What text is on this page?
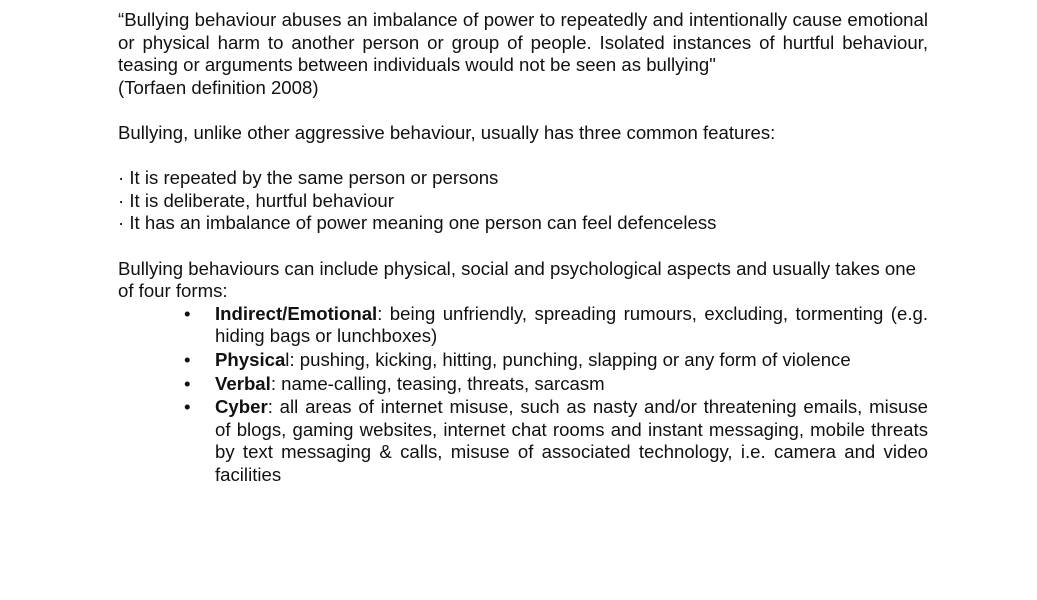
“Bullying behaviour abuses an imbalance of power to repeatedly and intentionally cause emotional or physical harm to another person or group of people. Isolated instances of hurtful behaviour, teasing or arguments between individuals would not be seen as bullying"

(Torfaen definition 2008)

Bullying, unlike other aggressive behaviour, usually has three common features:

· It is repeated by the same person or persons
· It is deliberate, hurtful behaviour
· It has an imbalance of power meaning one person can feel defenceless

Bullying behaviours can include physical, social and psychological aspects and usually takes one of four forms:

• Indirect/Emotional: being unfriendly, spreading rumours, excluding, tormenting (e.g. hiding bags or lunchboxes)
• Physical: pushing, kicking, hitting, punching, slapping or any form of violence
• Verbal: name-calling, teasing, threats, sarcasm
• Cyber: all areas of internet misuse, such as nasty and/or threatening emails, misuse of blogs, gaming websites, internet chat rooms and instant messaging, mobile threats by text messaging & calls, misuse of associated technology, i.e. camera and video facilities
